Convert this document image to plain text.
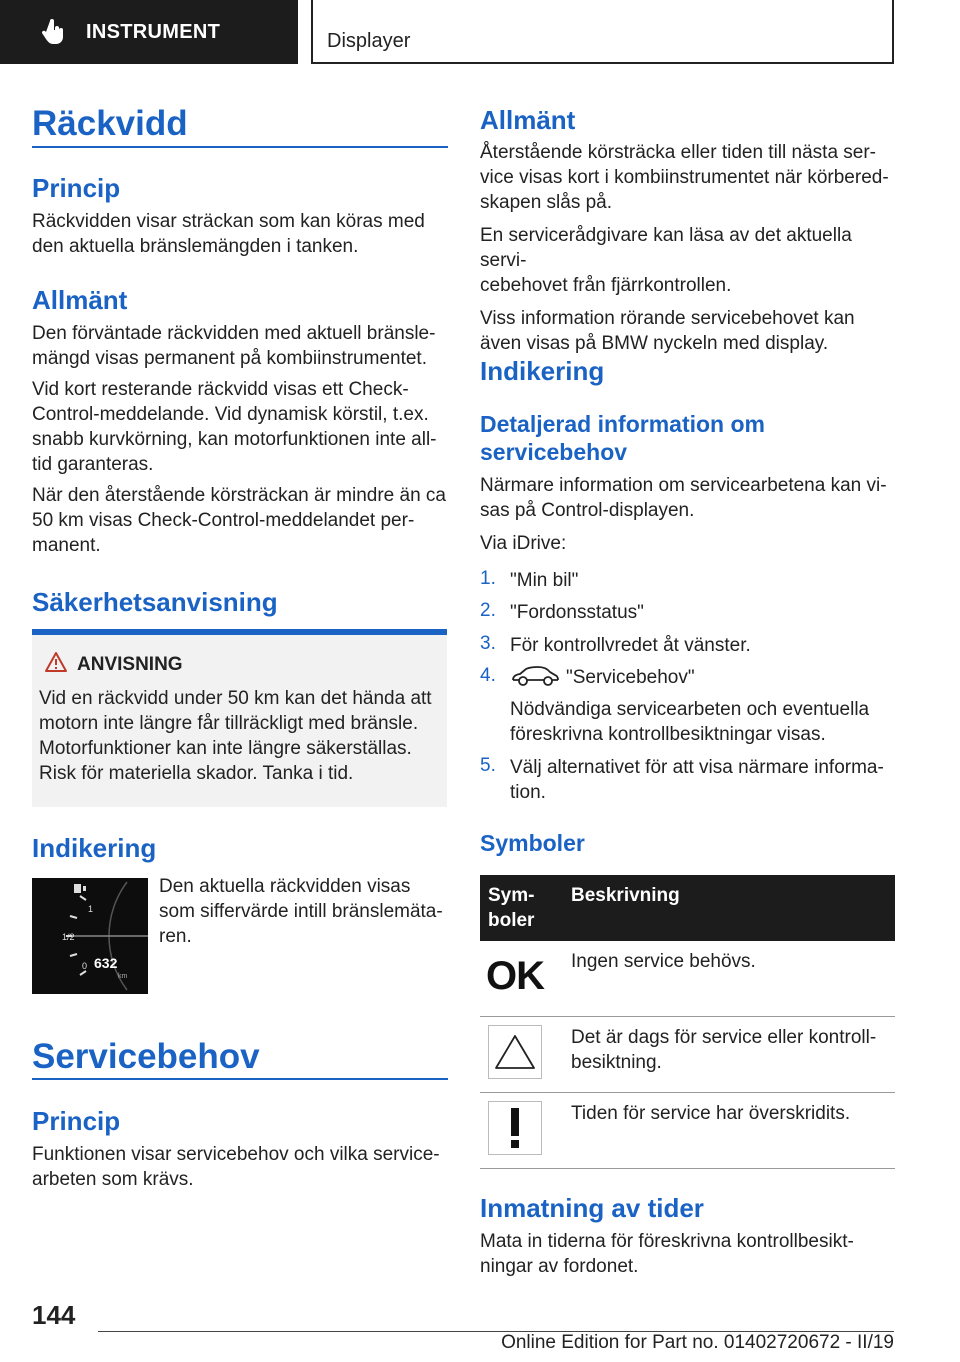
INSTRUMENT	Displayer
Räckvidd
Princip

Räckvidden visar sträckan som kan köras med

den aktuella bränslemängden i tanken.

Allmänt

Den förväntade räckvidden med aktuell bränsle-

mängd visas permanent på kombiinstrumentet.

Vid kort resterande räckvidd visas ett Check-

Control-meddelande. Vid dynamisk körstil, t.ex.

snabb kurvkörning, kan motorfunktionen inte all-

tid garanteras.

När den återstående körsträckan är mindre än ca

50 km visas Check-Control-meddelandet per-

manent.

Säkerhetsanvisning
ANVISNING

Vid en räckvidd under 50 km kan det hända att

motorn inte längre får tillräckligt med bränsle.

Motorfunktioner kan inte längre säkerställas.

Risk för materiella skador. Tanka i tid.

Indikering
1
1/2
0 632
km

Den aktuella räckvidden visas

som siffervärde intill bränslemäta-

ren.

Servicebehov
Princip

Funktionen visar servicebehov och vilka service-

arbeten som krävs.

Allmänt

Återstående körsträcka eller tiden till nästa ser-

vice visas kort i kombiinstrumentet när körbered-

skapen slås på.

En servicerådgivare kan läsa av det aktuella servi-

cebehovet från fjärrkontrollen.

Viss information rörande servicebehovet kan

även visas på BMW nyckeln med display.

Indikering
Detaljerad information om
servicebehov

Närmare information om servicearbetena kan vi-

sas på Control-displayen.

Via iDrive:

1. "Min bil"
2. "Fordonsstatus"
3. För kontrollvredet åt vänster.
4.	"Servicebehov"
Nödvändiga servicearbeten och eventuella
föreskrivna kontrollbesiktningar visas.
5. Välj alternativet för att visa närmare informa-
tion.
Symboler
Sym-
boler	Beskrivning

OK	Ingen service behövs.

	Det är dags för service eller kontroll-
besiktning.

	Tiden för service har överskridits.
Inmatning av tider

Mata in tiderna för föreskrivna kontrollbesikt-

ningar av fordonet.

144
Online Edition for Part no. 01402720672 - II/19
